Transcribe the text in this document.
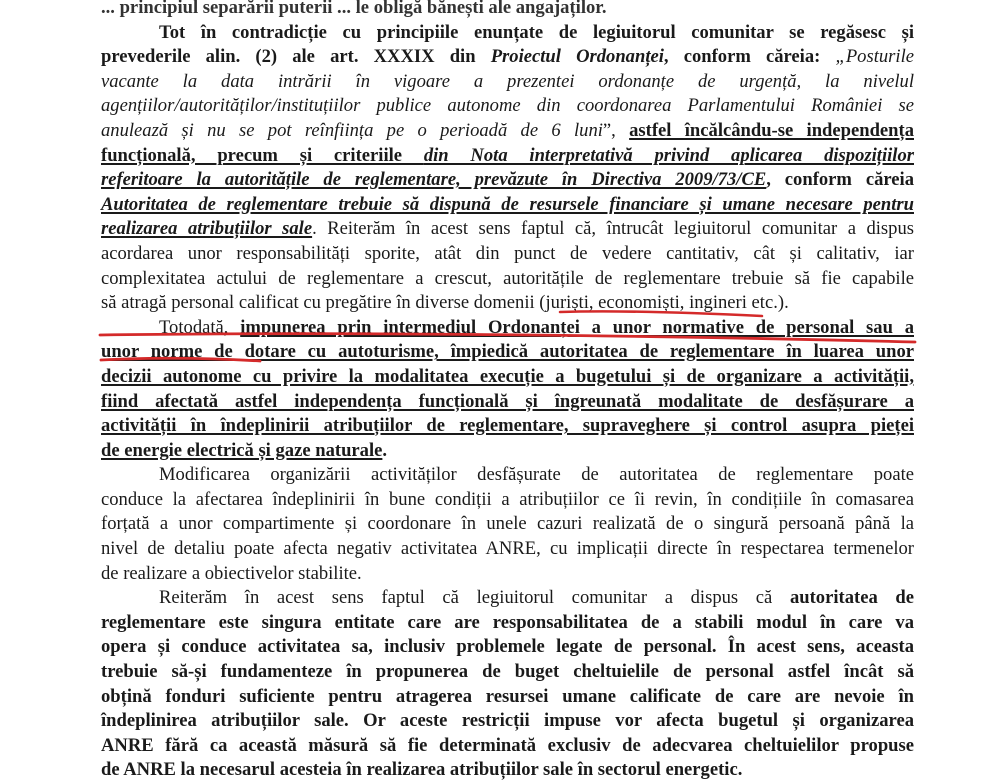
... principiul separării puterii ... le obligă bănești ale angajaților.
Tot în contradicție cu principiile enunțate de legiuitorul comunitar se regăsesc și
prevederile alin. (2) ale art. XXXIX din Proiectul Ordonanței, conform căreia: „Posturile
vacante la data intrării în vigoare a prezentei ordonanțe de urgență, la nivelul
agențiilor/autorităților/instituțiilor publice autonome din coordonarea Parlamentului României se
anulează și nu se pot reînființa pe o perioadă de 6 luni”, astfel încălcându-se independența
funcțională, precum și criteriile din Nota interpretativă privind aplicarea dispozițiilor
referitoare la autoritățile de reglementare, prevăzute în Directiva 2009/73/CE, conform căreia
Autoritatea de reglementare trebuie să dispună de resursele financiare și umane necesare pentru
realizarea atribuțiilor sale. Reiterăm în acest sens faptul că, întrucât legiuitorul comunitar a dispus
acordarea unor responsabilități sporite, atât din punct de vedere cantitativ, cât și calitativ, iar
complexitatea actului de reglementare a crescut, autoritățile de reglementare trebuie să fie capabile
să atragă personal calificat cu pregătire în diverse domenii (juriști, economiști, ingineri etc.).
Totodată, impunerea prin intermediul Ordonanței a unor normative de personal sau a
unor norme de dotare cu autoturisme, împiedică autoritatea de reglementare în luarea unor
decizii autonome cu privire la modalitatea execuție a bugetului și de organizare a activității,
fiind afectată astfel independența funcțională și îngreunată modalitate de desfășurare a
activității în îndeplinirii atribuțiilor de reglementare, supraveghere și control asupra pieței
de energie electrică și gaze naturale.
Modificarea organizării activităților desfășurate de autoritatea de reglementare poate
conduce la afectarea îndeplinirii în bune condiții a atribuțiilor ce îi revin, în condițiile în comasarea
forțată a unor compartimente și coordonare în unele cazuri realizată de o singură persoană până la
nivel de detaliu poate afecta negativ activitatea ANRE, cu implicații directe în respectarea termenelor
de realizare a obiectivelor stabilite.
Reiterăm în acest sens faptul că legiuitorul comunitar a dispus că autoritatea de
reglementare este singura entitate care are responsabilitatea de a stabili modul în care va
opera și conduce activitatea sa, inclusiv problemele legate de personal. În acest sens, aceasta
trebuie să-și fundamenteze în propunerea de buget cheltuielile de personal astfel încât să
obțină fonduri suficiente pentru atragerea resursei umane calificate de care are nevoie în
îndeplinirea atribuțiilor sale. Or aceste restricții impuse vor afecta bugetul și organizarea
ANRE fără ca această măsură să fie determinată exclusiv de adecvarea cheltuielilor propuse
de ANRE la necesarul acesteia în realizarea atribuțiilor sale în sectorul energetic.
